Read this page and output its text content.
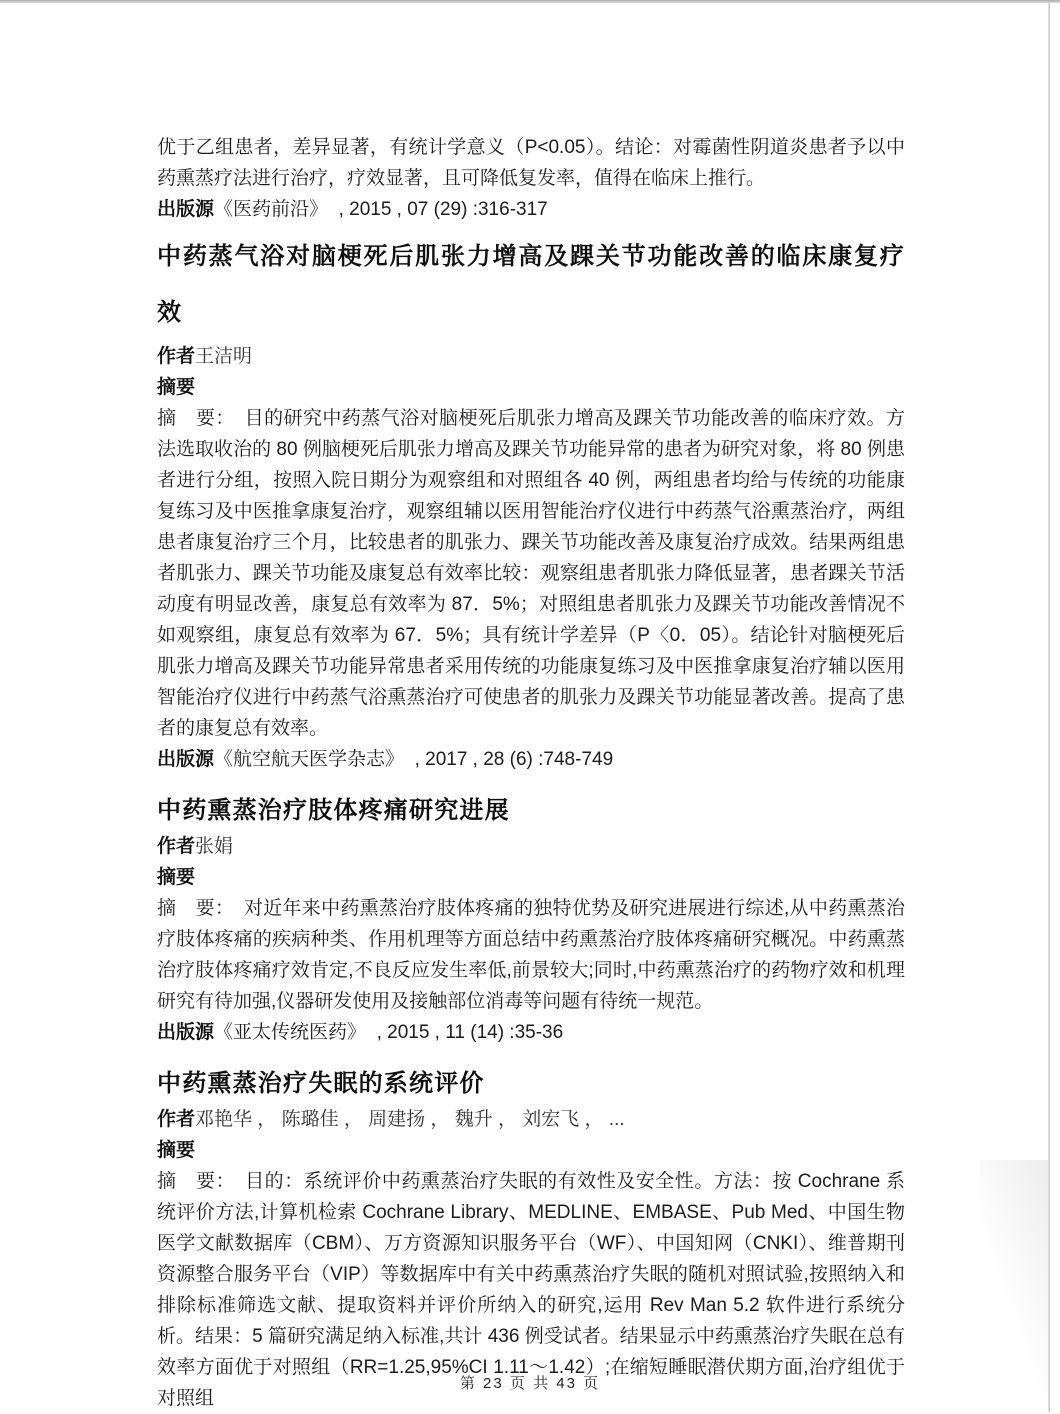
优于乙组患者，差异显著，有统计学意义（P<0.05）。结论：对霉菌性阴道炎患者予以中药熏蒸疗法进行治疗，疗效显著，且可降低复发率，值得在临床上推行。

出版源《医药前沿》  , 2015 , 07 (29) :316-317

中药蒸气浴对脑梗死后肌张力增高及踝关节功能改善的临床康复疗效

作者王洁明

摘要

摘　要：　目的研究中药蒸气浴对脑梗死后肌张力增高及踝关节功能改善的临床疗效。方法选取收治的 80 例脑梗死后肌张力增高及踝关节功能异常的患者为研究对象，将 80 例患者进行分组，按照入院日期分为观察组和对照组各 40 例，两组患者均给与传统的功能康复练习及中医推拿康复治疗，观察组辅以医用智能治疗仪进行中药蒸气浴熏蒸治疗，两组患者康复治疗三个月，比较患者的肌张力、踝关节功能改善及康复治疗成效。结果两组患者肌张力、踝关节功能及康复总有效率比较：观察组患者肌张力降低显著，患者踝关节活动度有明显改善，康复总有效率为 87．5%；对照组患者肌张力及踝关节功能改善情况不如观察组，康复总有效率为 67．5%；具有统计学差异（P〈0．05）。结论针对脑梗死后肌张力增高及踝关节功能异常患者采用传统的功能康复练习及中医推拿康复治疗辅以医用智能治疗仪进行中药蒸气浴熏蒸治疗可使患者的肌张力及踝关节功能显著改善。提高了患者的康复总有效率。

出版源《航空航天医学杂志》  , 2017 , 28 (6) :748-749

中药熏蒸治疗肢体疼痛研究进展

作者张娟

摘要

摘　要：　对近年来中药熏蒸治疗肢体疼痛的独特优势及研究进展进行综述,从中药熏蒸治疗肢体疼痛的疾病种类、作用机理等方面总结中药熏蒸治疗肢体疼痛研究概况。中药熏蒸治疗肢体疼痛疗效肯定,不良反应发生率低,前景较大;同时,中药熏蒸治疗的药物疗效和机理研究有待加强,仪器研发使用及接触部位消毒等问题有待统一规范。

出版源《亚太传统医药》  , 2015 , 11 (14) :35-36

中药熏蒸治疗失眠的系统评价

作者邓艳华 ， 陈璐佳 ， 周建扬 ， 魏升 ， 刘宏飞 ， ...

摘要

摘　要：　目的：系统评价中药熏蒸治疗失眠的有效性及安全性。方法：按 Cochrane 系统评价方法,计算机检索 Cochrane Library、MEDLINE、EMBASE、Pub Med、中国生物医学文献数据库（CBM）、万方资源知识服务平台（WF）、中国知网（CNKI）、维普期刊资源整合服务平台（VIP）等数据库中有关中药熏蒸治疗失眠的随机对照试验,按照纳入和排除标准筛选文献、提取资料并评价所纳入的研究,运用 Rev Man 5.2 软件进行系统分析。结果：5 篇研究满足纳入标准,共计 436 例受试者。结果显示中药熏蒸治疗失眠在总有效率方面优于对照组（RR=1.25,95%CI 1.11～1.42）;在缩短睡眠潜伏期方面,治疗组优于对照组

第 23 页 共 43 页
